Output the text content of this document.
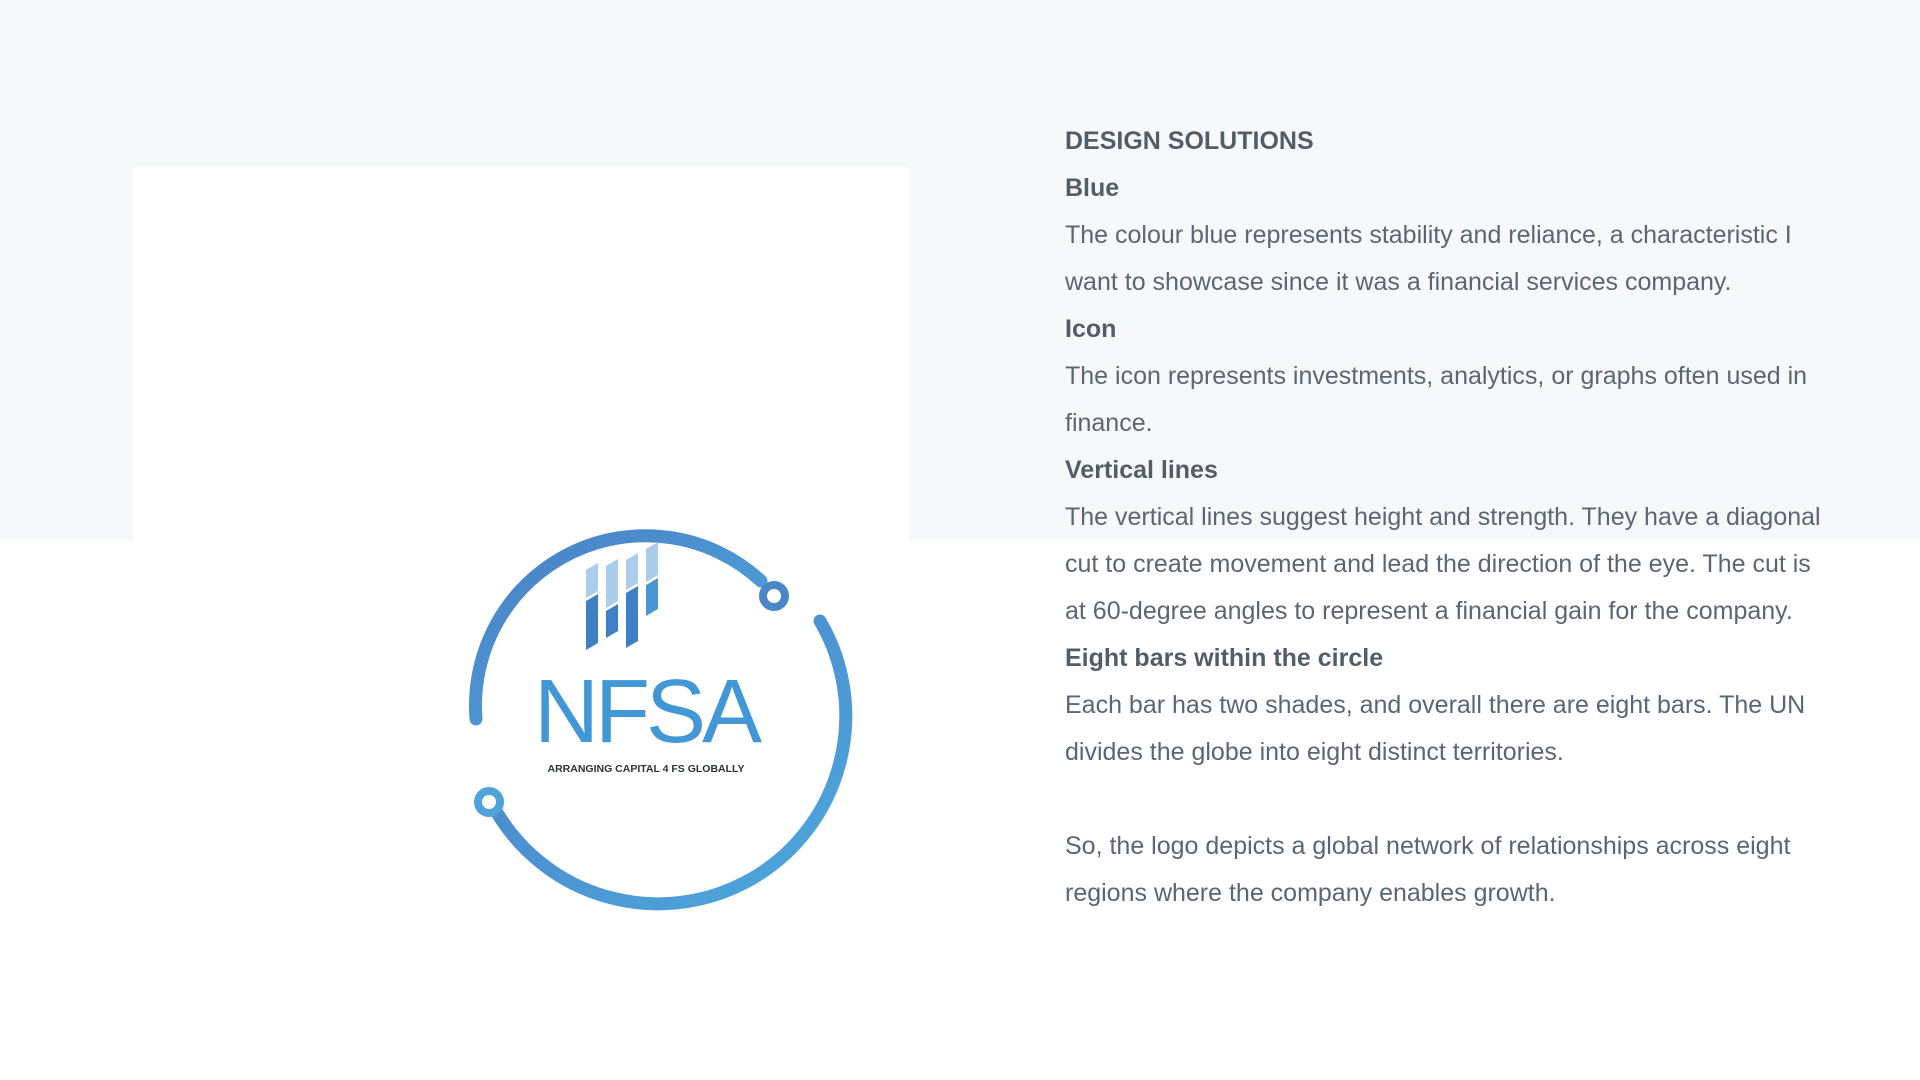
NFSA
ARRANGING CAPITAL 4 FS GLOBALLY

DESIGN SOLUTIONS

Blue

The colour blue represents stability and reliance, a characteristic I want to showcase since it was a financial services company.

Icon

The icon represents investments, analytics, or graphs often used in finance.

Vertical lines

The vertical lines suggest height and strength. They have a diagonal cut to create movement and lead the direction of the eye. The cut is at 60-degree angles to represent a financial gain for the company.

Eight bars within the circle

Each bar has two shades, and overall there are eight bars. The UN divides the globe into eight distinct territories.

So, the logo depicts a global network of relationships across eight regions where the company enables growth.
